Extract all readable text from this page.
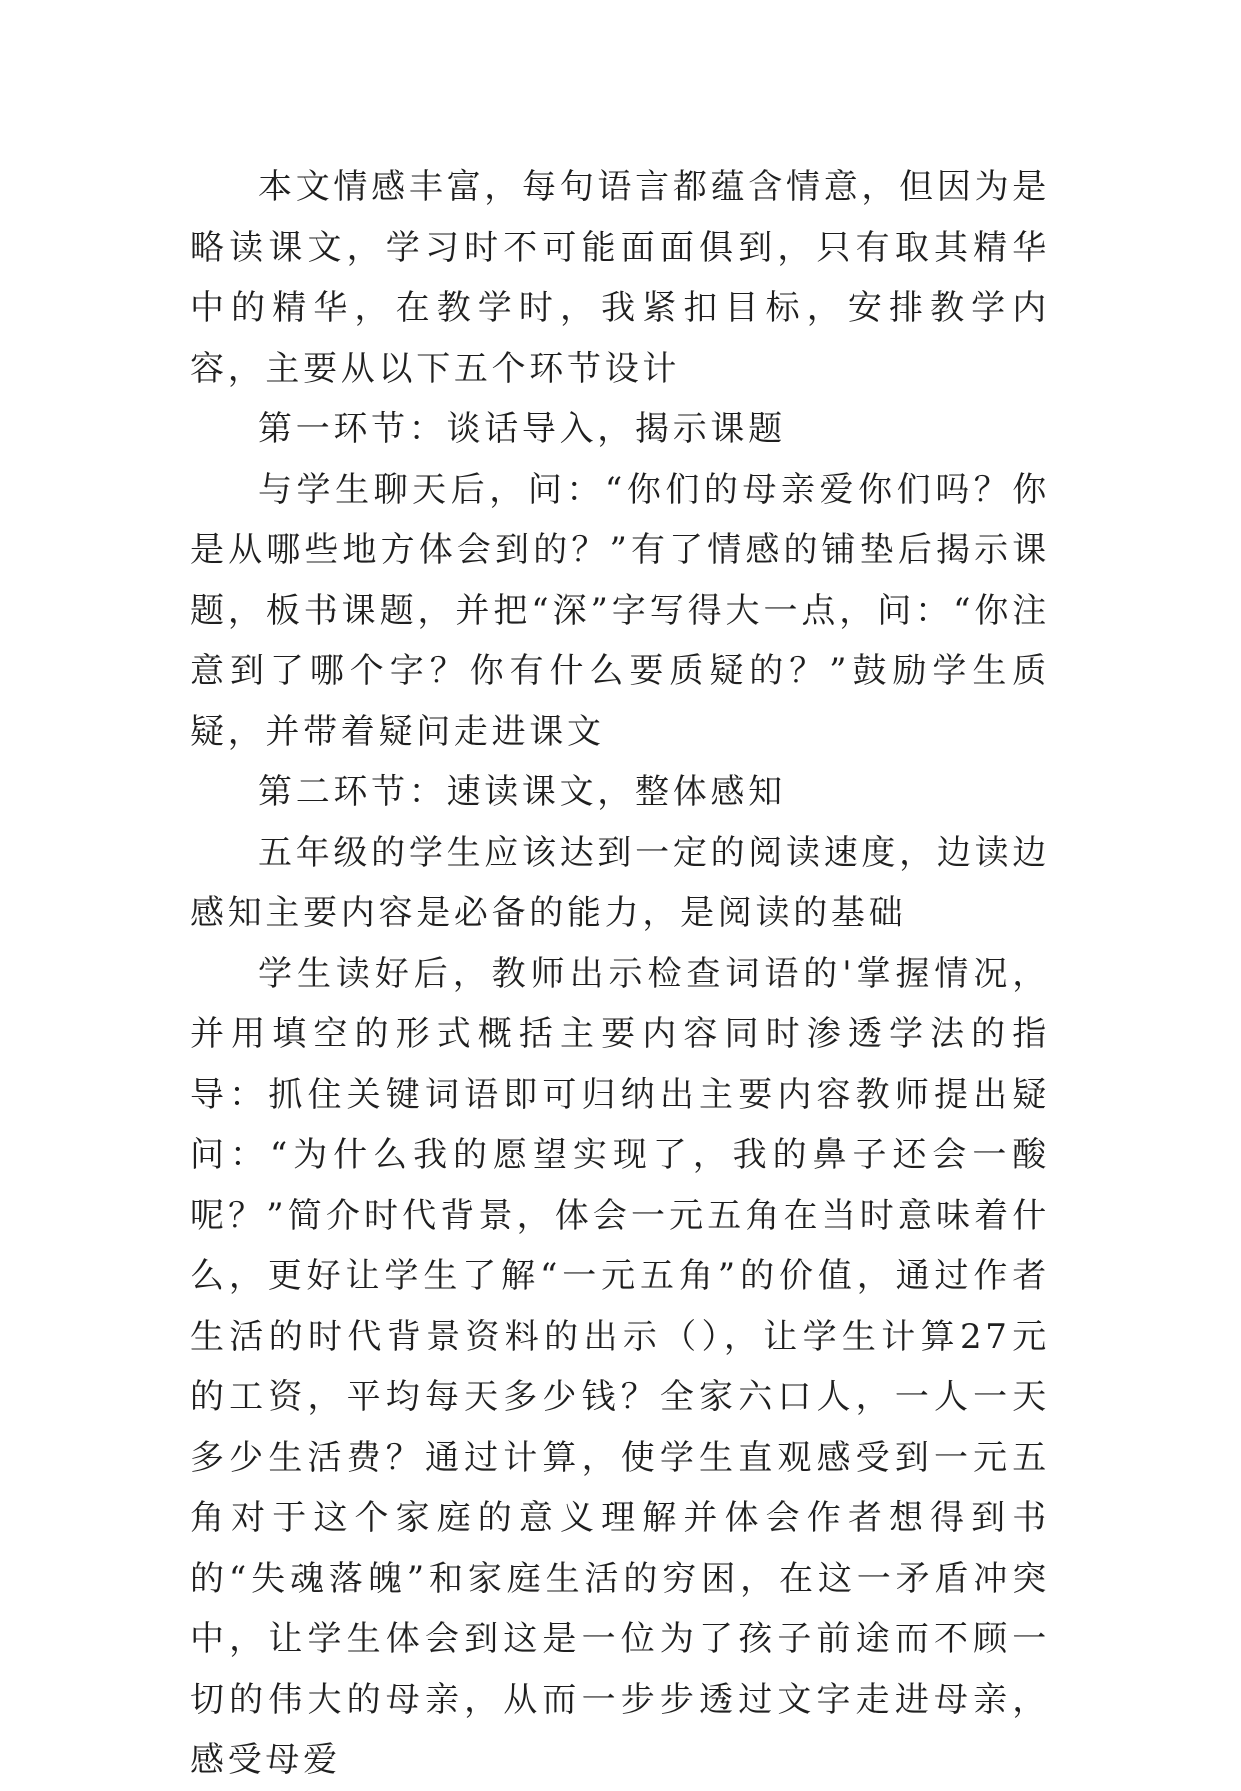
本文情感丰富，每句语言都蕴含情意，但因为是略读课文，学习时不可能面面俱到，只有取其精华中的精华，在教学时，我紧扣目标，安排教学内容，主要从以下五个环节设计

第一环节：谈话导入，揭示课题

与学生聊天后，问：“你们的母亲爱你们吗？你是从哪些地方体会到的？”有了情感的铺垫后揭示课题，板书课题，并把“深”字写得大一点，问：“你注意到了哪个字？你有什么要质疑的？”鼓励学生质疑，并带着疑问走进课文

第二环节：速读课文，整体感知

五年级的学生应该达到一定的阅读速度，边读边感知主要内容是必备的能力，是阅读的基础

学生读好后，教师出示检查词语的'掌握情况，并用填空的形式概括主要内容同时渗透学法的指导：抓住关键词语即可归纳出主要内容教师提出疑问：“为什么我的愿望实现了，我的鼻子还会一酸呢？”简介时代背景，体会一元五角在当时意味着什么，更好让学生了解“一元五角”的价值，通过作者生活的时代背景资料的出示（），让学生计算27元的工资，平均每天多少钱？全家六口人，一人一天多少生活费？通过计算，使学生直观感受到一元五角对于这个家庭的意义理解并体会作者想得到书的“失魂落魄”和家庭生活的穷困，在这一矛盾冲突中，让学生体会到这是一位为了孩子前途而不顾一切的伟大的母亲，从而一步步透过文字走进母亲，感受母爱
